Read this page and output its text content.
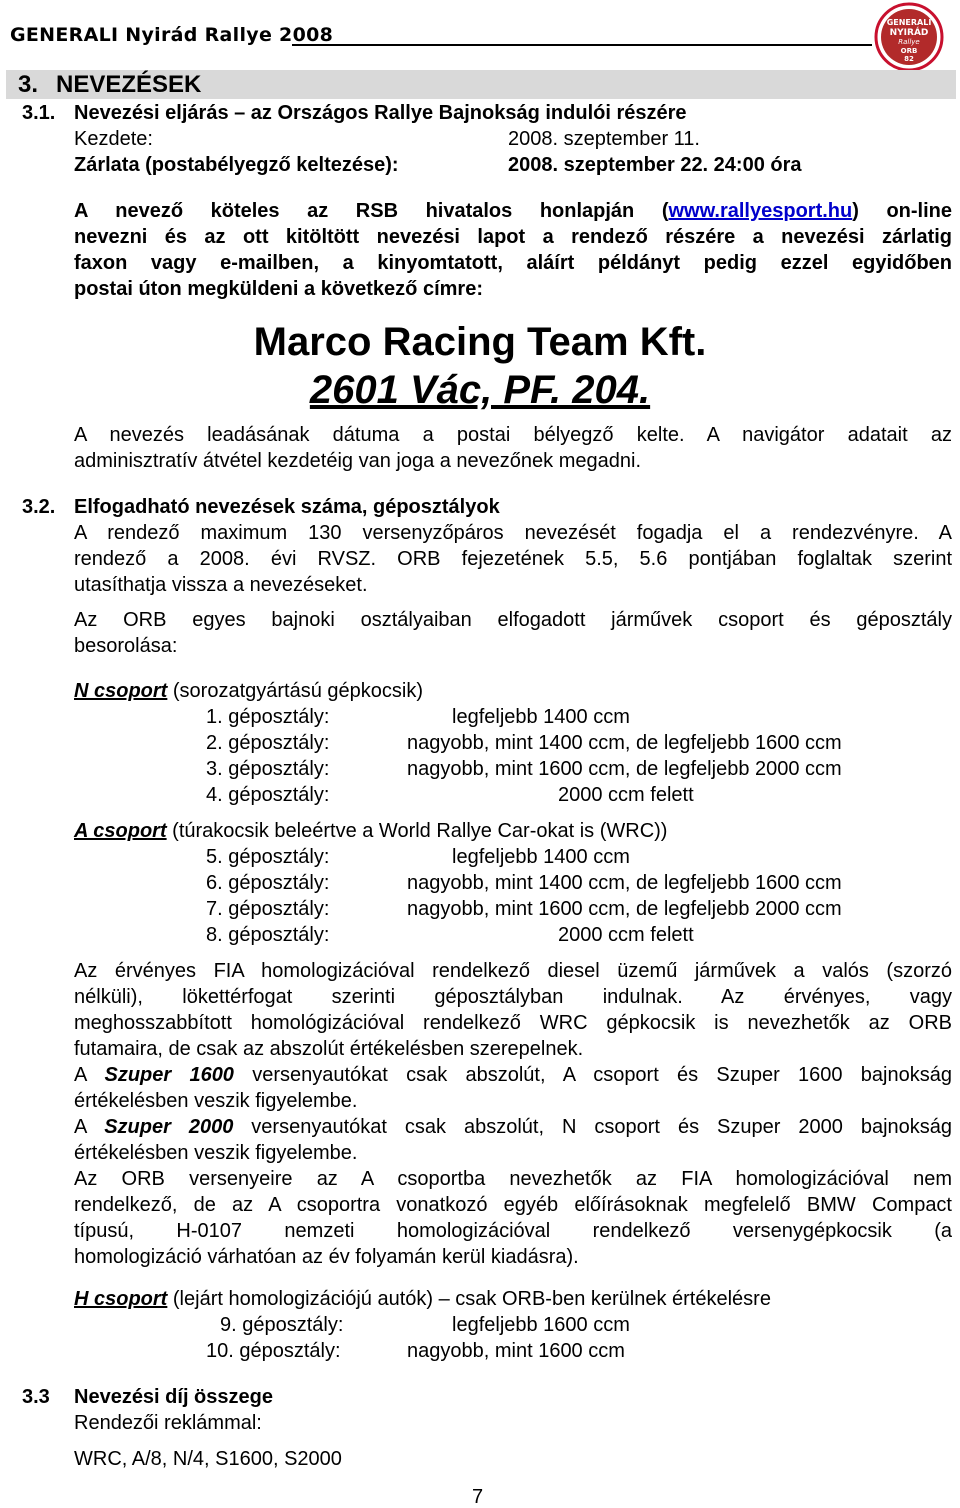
GENERALI Nyirád Rallye 2008
GENERALI
NYIRÁD
Rallye
ORB
82
3. NEVEZÉSEK
3.1. Nevezési eljárás – az Országos Rallye Bajnokság indulói részére
Kezdete:	2008. szeptember 11.
Zárlata (postabélyegző keltezése):	2008. szeptember 22. 24:00 óra
A nevező köteles az RSB hivatalos honlapján (www.rallyesport.hu) on-line
nevezni és az ott kitöltött nevezési lapot a rendező részére a nevezési zárlatig
faxon vagy e-mailben, a kinyomtatott, aláírt példányt pedig ezzel egyidőben
postai úton megküldeni a következő címre:
Marco Racing Team Kft.
2601 Vác, PF. 204.
A nevezés leadásának dátuma a postai bélyegző kelte. A navigátor adatait az
adminisztratív átvétel kezdetéig van joga a nevezőnek megadni.
3.2. Elfogadható nevezések száma, géposztályok
A rendező maximum 130 versenyzőpáros nevezését fogadja el a rendezvényre. A
rendező a 2008. évi RVSZ. ORB fejezetének 5.5, 5.6 pontjában foglaltak szerint
utasíthatja vissza a nevezéseket.
Az ORB egyes bajnoki osztályaiban elfogadott járművek csoport és géposztály
besorolása:
N csoport (sorozatgyártású gépkocsik)
1. géposztály:	legfeljebb 1400 ccm
2. géposztály:	nagyobb, mint 1400 ccm, de legfeljebb 1600 ccm
3. géposztály:	nagyobb, mint 1600 ccm, de legfeljebb 2000 ccm
4. géposztály:	2000 ccm felett
A csoport (túrakocsik beleértve a World Rallye Car-okat is (WRC))
5. géposztály:	legfeljebb 1400 ccm
6. géposztály:	nagyobb, mint 1400 ccm, de legfeljebb 1600 ccm
7. géposztály:	nagyobb, mint 1600 ccm, de legfeljebb 2000 ccm
8. géposztály:	2000 ccm felett
Az érvényes FIA homologizációval rendelkező diesel üzemű járművek a valós (szorzó
nélküli), lökettérfogat szerinti géposztályban indulnak. Az érvényes, vagy
meghosszabbított homológizációval rendelkező WRC gépkocsik is nevezhetők az ORB
futamaira, de csak az abszolút értékelésben szerepelnek.
A Szuper 1600 versenyautókat csak abszolút, A csoport és Szuper 1600 bajnokság
értékelésben veszik figyelembe.
A Szuper 2000 versenyautókat csak abszolút, N csoport és Szuper 2000 bajnokság
értékelésben veszik figyelembe.
Az ORB versenyeire az A csoportba nevezhetők az FIA homologizációval nem
rendelkező, de az A csoportra vonatkozó egyéb előírásoknak megfelelő BMW Compact
típusú, H-0107 nemzeti homologizációval rendelkező versenygépkocsik (a
homologizáció várhatóan az év folyamán kerül kiadásra).
H csoport (lejárt homologizációjú autók) – csak ORB-ben kerülnek értékelésre
9. géposztály:	legfeljebb 1600 ccm
10. géposztály:	nagyobb, mint 1600 ccm
3.3 Nevezési díj összege
Rendezői reklámmal:
WRC, A/8, N/4, S1600, S2000
7
